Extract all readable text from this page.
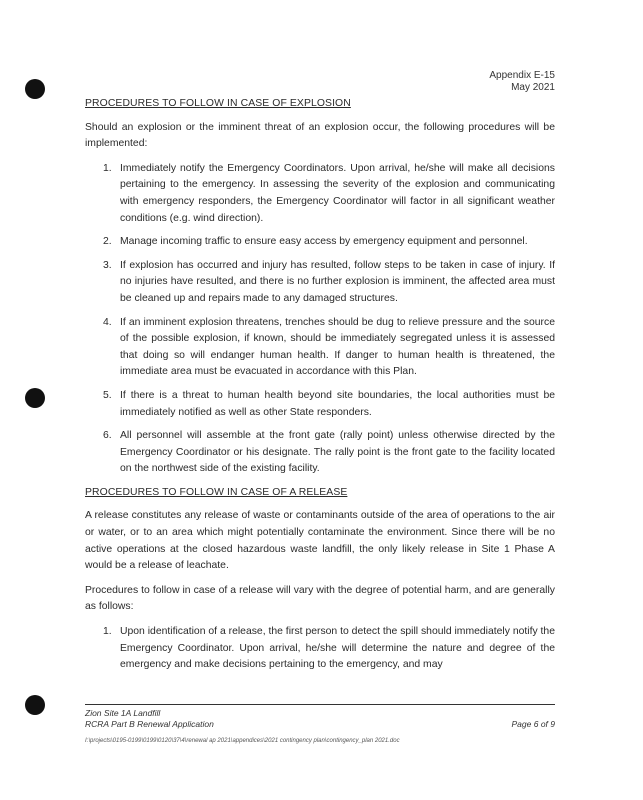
Appendix E-15
May 2021
PROCEDURES TO FOLLOW IN CASE OF EXPLOSION
Should an explosion or the imminent threat of an explosion occur, the following procedures will be implemented:
1. Immediately notify the Emergency Coordinators. Upon arrival, he/she will make all decisions pertaining to the emergency. In assessing the severity of the explosion and communicating with emergency responders, the Emergency Coordinator will factor in all significant weather conditions (e.g. wind direction).
2. Manage incoming traffic to ensure easy access by emergency equipment and personnel.
3. If explosion has occurred and injury has resulted, follow steps to be taken in case of injury. If no injuries have resulted, and there is no further explosion is imminent, the affected area must be cleaned up and repairs made to any damaged structures.
4. If an imminent explosion threatens, trenches should be dug to relieve pressure and the source of the possible explosion, if known, should be immediately segregated unless it is assessed that doing so will endanger human health. If danger to human health is threatened, the immediate area must be evacuated in accordance with this Plan.
5. If there is a threat to human health beyond site boundaries, the local authorities must be immediately notified as well as other State responders.
6. All personnel will assemble at the front gate (rally point) unless otherwise directed by the Emergency Coordinator or his designate. The rally point is the front gate to the facility located on the northwest side of the existing facility.
PROCEDURES TO FOLLOW IN CASE OF A RELEASE
A release constitutes any release of waste or contaminants outside of the area of operations to the air or water, or to an area which might potentially contaminate the environment. Since there will be no active operations at the closed hazardous waste landfill, the only likely release in Site 1 Phase A would be a release of leachate.
Procedures to follow in case of a release will vary with the degree of potential harm, and are generally as follows:
1. Upon identification of a release, the first person to detect the spill should immediately notify the Emergency Coordinator. Upon arrival, he/she will determine the nature and degree of the emergency and make decisions pertaining to the emergency, and may
Zion Site 1A Landfill
RCRA Part B Renewal Application	Page 6 of 9
I:\projects\0195-0199\0199\0120\37\4\renewal ap 2021\appendices\2021 contingency plan\contingency_plan 2021.doc
